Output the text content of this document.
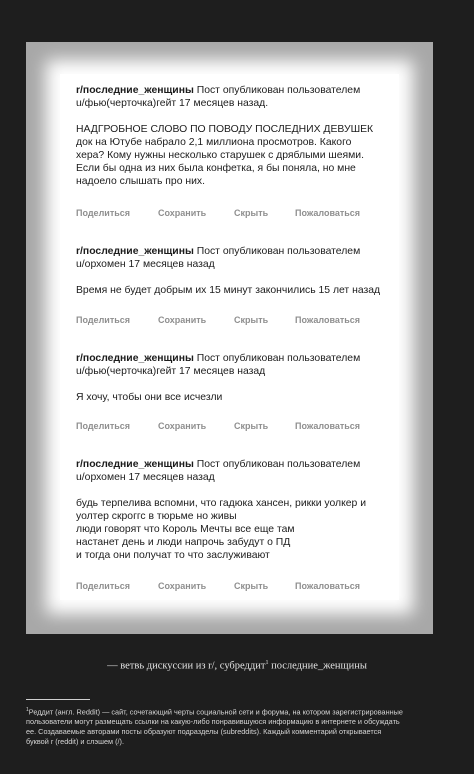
r/последние_женщины Пост опубликован пользователем
u/фью(черточка)гейт 17 месяцев назад.
НАДГРОБНОЕ СЛОВО ПО ПОВОДУ ПОСЛЕДНИХ ДЕВУШЕК
док на Ютубе набрало 2,1 миллиона просмотров. Какого
хера? Кому нужны несколько старушек с дряблыми шеями.
Если бы одна из них была конфетка, я бы поняла, но мне
надоело слышать про них.
Поделиться	Сохранить	Скрыть	Пожаловаться
r/последние_женщины Пост опубликован пользователем
u/орхомен 17 месяцев назад
Время не будет добрым их 15 минут закончились 15 лет назад
Поделиться	Сохранить	Скрыть	Пожаловаться
r/последние_женщины Пост опубликован пользователем
u/фью(черточка)гейт 17 месяцев назад
Я хочу, чтобы они все исчезли
Поделиться	Сохранить	Скрыть	Пожаловаться
r/последние_женщины Пост опубликован пользователем
u/орхомен 17 месяцев назад
будь терпелива вспомни, что гадюка хансен, рикки уолкер и
уолтер скрoггс в тюрьме но живы
люди говорят что Король Мечты все еще там
настанет день и люди напрочь забудут о ПД
и тогда они получат то что заслуживают
Поделиться	Сохранить	Скрыть	Пожаловаться
— ветвь дискуссии из r/, субреддит$^1$ последние_женщины
$^1$Реддит (англ. Reddit) — сайт, сочетающий черты социальной сети и форума, на котором зарегистрированные
пользователи могут размещать ссылки на какую-либо понравившуюся информацию в интернете и обсуждать
ее. Создаваемые авторами посты образуют подразделы (subreddits). Каждый комментарий открывается
буквой r (reddit) и слэшем (/).
